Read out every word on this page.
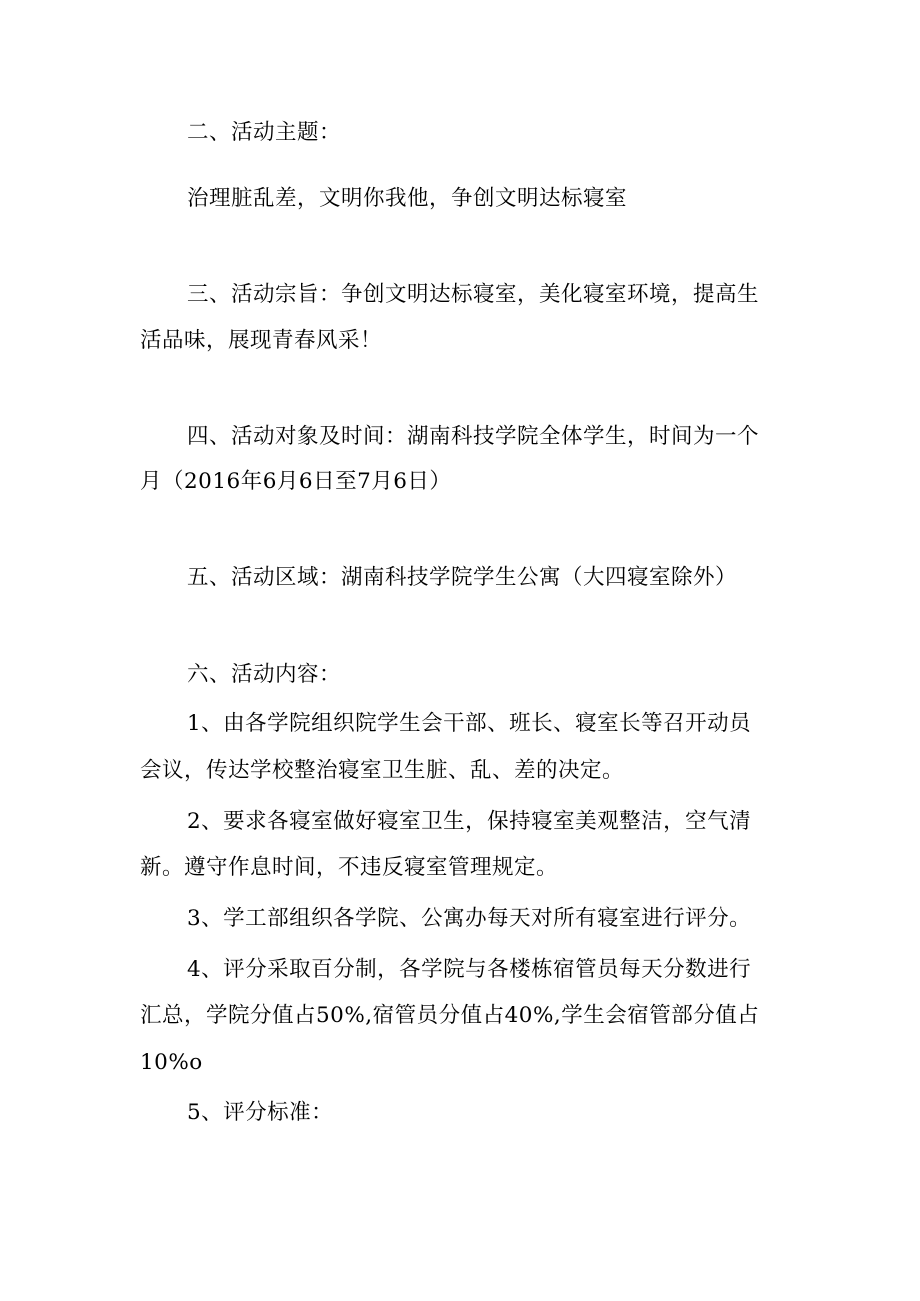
二、活动主题：
治理脏乱差，文明你我他，争创文明达标寝室
三、活动宗旨：争创文明达标寝室，美化寝室环境，提高生
活品味，展现青春风采！
四、活动对象及时间：湖南科技学院全体学生，时间为一个
月（2016年6月6日至7月6日）
五、活动区域：湖南科技学院学生公寓（大四寝室除外）
六、活动内容：
1、由各学院组织院学生会干部、班长、寝室长等召开动员
会议，传达学校整治寝室卫生脏、乱、差的决定。
2、要求各寝室做好寝室卫生，保持寝室美观整洁，空气清
新。遵守作息时间，不违反寝室管理规定。
3、学工部组织各学院、公寓办每天对所有寝室进行评分。
4、评分采取百分制，各学院与各楼栋宿管员每天分数进行
汇总，学院分值占50%,宿管员分值占40%,学生会宿管部分值占
10%o
5、评分标准：
